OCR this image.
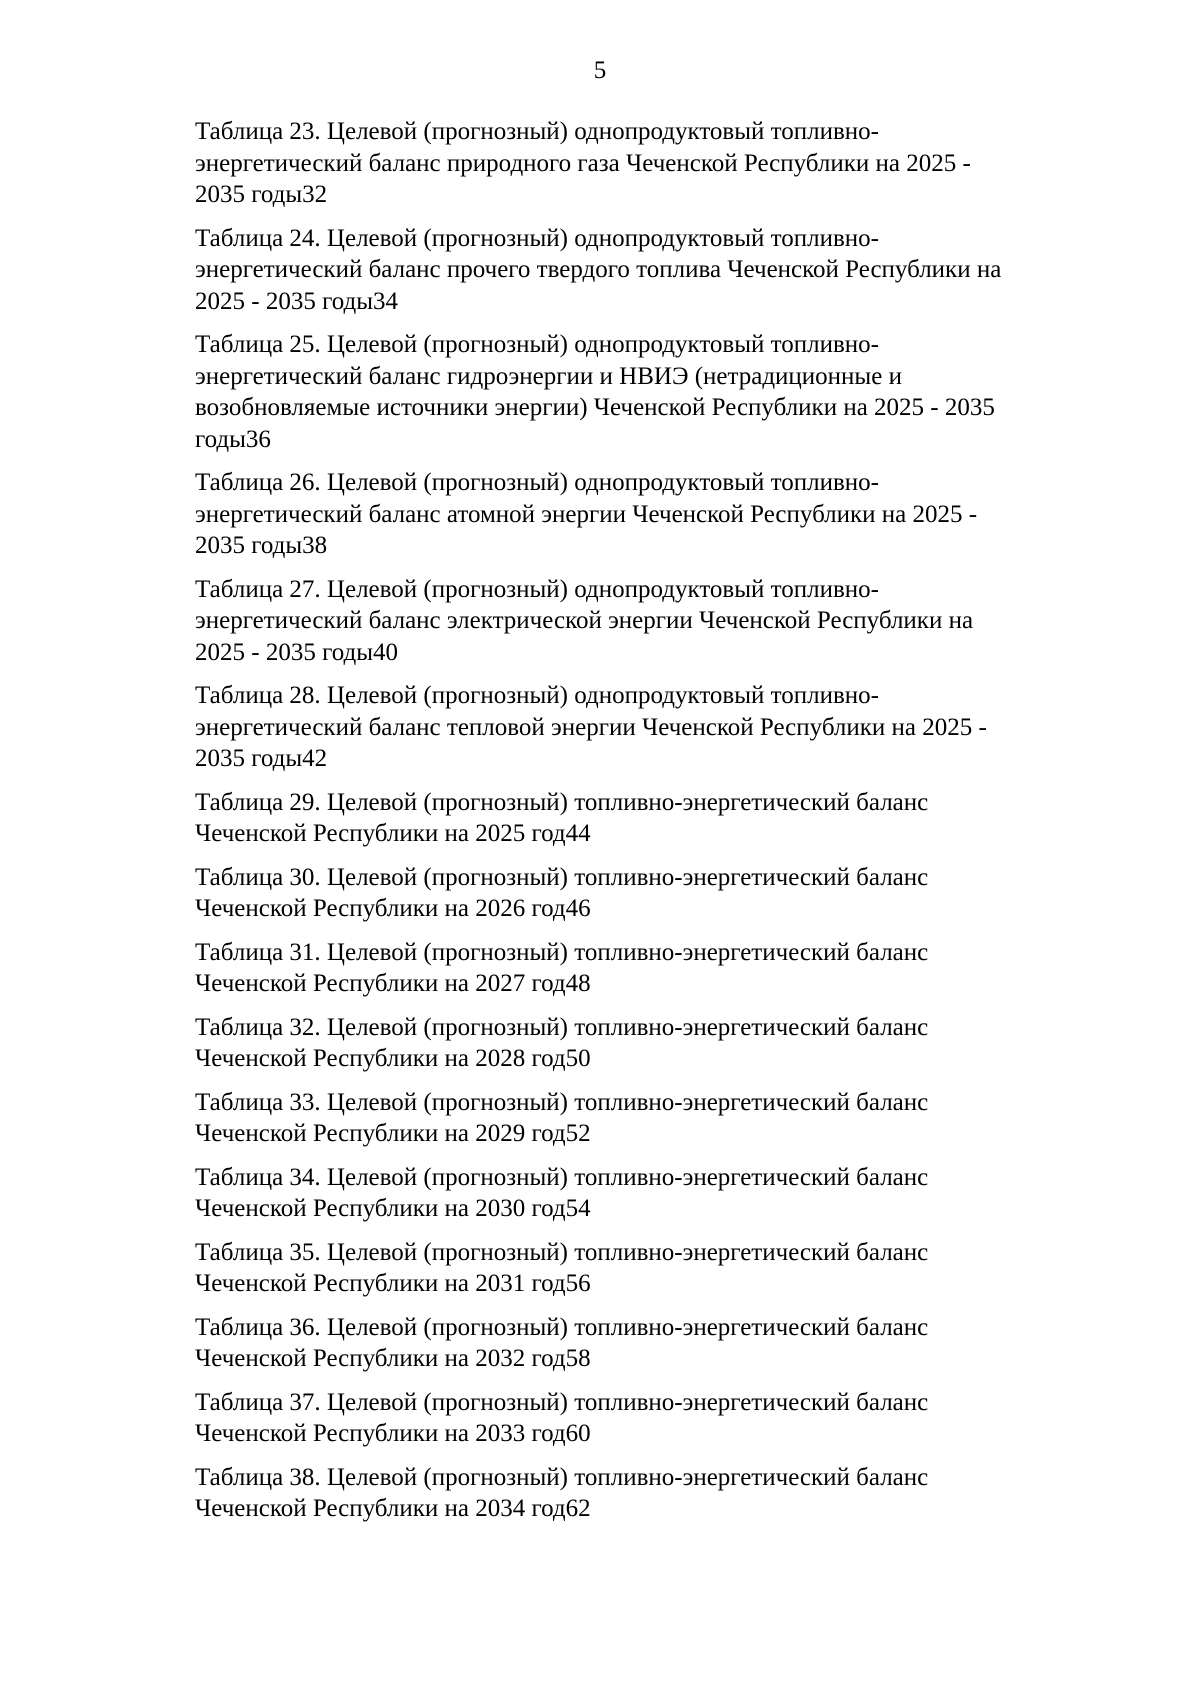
5

Таблица 23. Целевой (прогнозный) однопродуктовый топливно-
энергетический баланс природного газа Чеченской Республики на 2025 -
2035 годы32

Таблица 24. Целевой (прогнозный) однопродуктовый топливно-
энергетический баланс прочего твердого топлива Чеченской Республики на
2025 - 2035 годы34

Таблица 25. Целевой (прогнозный) однопродуктовый топливно-
энергетический баланс гидроэнергии и НВИЭ (нетрадиционные и
возобновляемые источники энергии) Чеченской Республики на 2025 - 2035
годы36

Таблица 26. Целевой (прогнозный) однопродуктовый топливно-
энергетический баланс атомной энергии Чеченской Республики на 2025 -
2035 годы38

Таблица 27. Целевой (прогнозный) однопродуктовый топливно-
энергетический баланс электрической энергии Чеченской Республики на
2025 - 2035 годы40

Таблица 28. Целевой (прогнозный) однопродуктовый топливно-
энергетический баланс тепловой энергии Чеченской Республики на 2025 -
2035 годы42

Таблица 29. Целевой (прогнозный) топливно-энергетический баланс
Чеченской Республики на 2025 год44

Таблица 30. Целевой (прогнозный) топливно-энергетический баланс
Чеченской Республики на 2026 год46

Таблица 31. Целевой (прогнозный) топливно-энергетический баланс
Чеченской Республики на 2027 год48

Таблица 32. Целевой (прогнозный) топливно-энергетический баланс
Чеченской Республики на 2028 год50

Таблица 33. Целевой (прогнозный) топливно-энергетический баланс
Чеченской Республики на 2029 год52

Таблица 34. Целевой (прогнозный) топливно-энергетический баланс
Чеченской Республики на 2030 год54

Таблица 35. Целевой (прогнозный) топливно-энергетический баланс
Чеченской Республики на 2031 год56

Таблица 36. Целевой (прогнозный) топливно-энергетический баланс
Чеченской Республики на 2032 год58

Таблица 37. Целевой (прогнозный) топливно-энергетический баланс
Чеченской Республики на 2033 год60

Таблица 38. Целевой (прогнозный) топливно-энергетический баланс
Чеченской Республики на 2034 год62
